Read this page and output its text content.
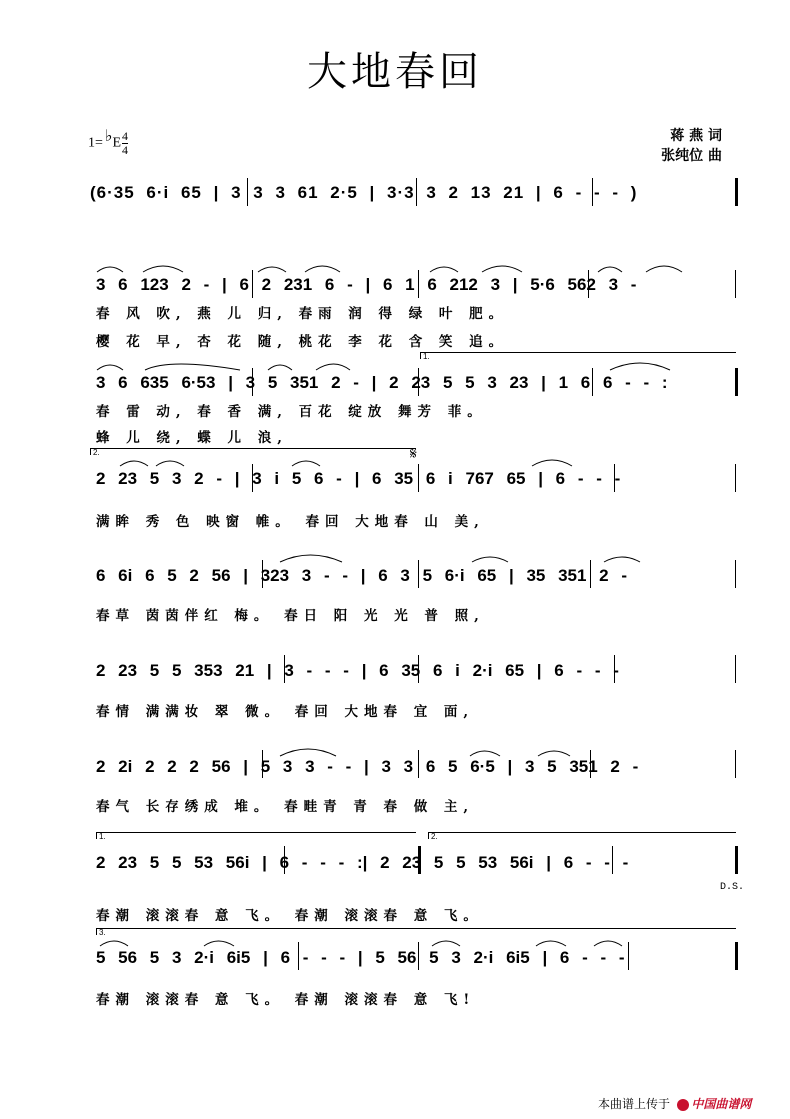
大地春回
1= ♭E $\frac{4}{4}$	蒋 燕 词
张纯位 曲
(6·35 6·i 65 | 3 3 3 61 2·5 | 3·3 3 2 13 21 | 6 - - - )
3 6 123 2 - | 6 2 231 6 - | 6 1 6 212 3 | 5·6 562 3 -
春 风 吹, 燕 儿 归, 春雨 润 得 绿 叶 肥。
樱 花 早, 杏 花 随, 桃花 李 花 含 笑 追。
3 6 635 6·53 | 3 5 351 2 - | 2 23 5 5 3 23 | 1 6 6 - - :
春 雷 动, 春 香 满, 百花 绽放 舞芳 菲。
蜂 儿 绕, 蝶 儿 浪,
2 23 5 3 2 - | 3 i 5 6 - | 6 35 6 i 767 65 | 6 - - -
满眸 秀 色 映窗 帷。 春回 大地春 山 美,
6 6i 6 5 2 56 | 323 3 - - | 6 3 5 6·i 65 | 35 351 2 -
春草 茵茵伴红 梅。 春日 阳 光 光 普 照,
2 23 5 5 353 21 | 3 - - - | 6 35 6 i 2·i 65 | 6 - - -
春情 满满妆 翠 微。 春回 大地春 宜 面,
2 2i 2 2 2 56 | 5 3 3 - - | 3 3 6 5 6·5 | 3 5 351 2 -
春气 长存绣成 堆。 春畦青 青 春 做 主,
2 23 5 5 53 56i | 6 - - - :| 2 23 5 5 53 56i | 6 - - -
春潮 滚滚春 意 飞。 春潮 滚滚春 意 飞。
5 56 5 3 2·i 6i5 | 6 - - - | 5 56 5 3 2·i 6i5 | 6 - - -
春潮 滚滚春 意 飞。 春潮 滚滚春 意 飞!
1.
2.	𝄋
1.	2.
D.S.
3.
本曲谱上传于 中国曲谱网
